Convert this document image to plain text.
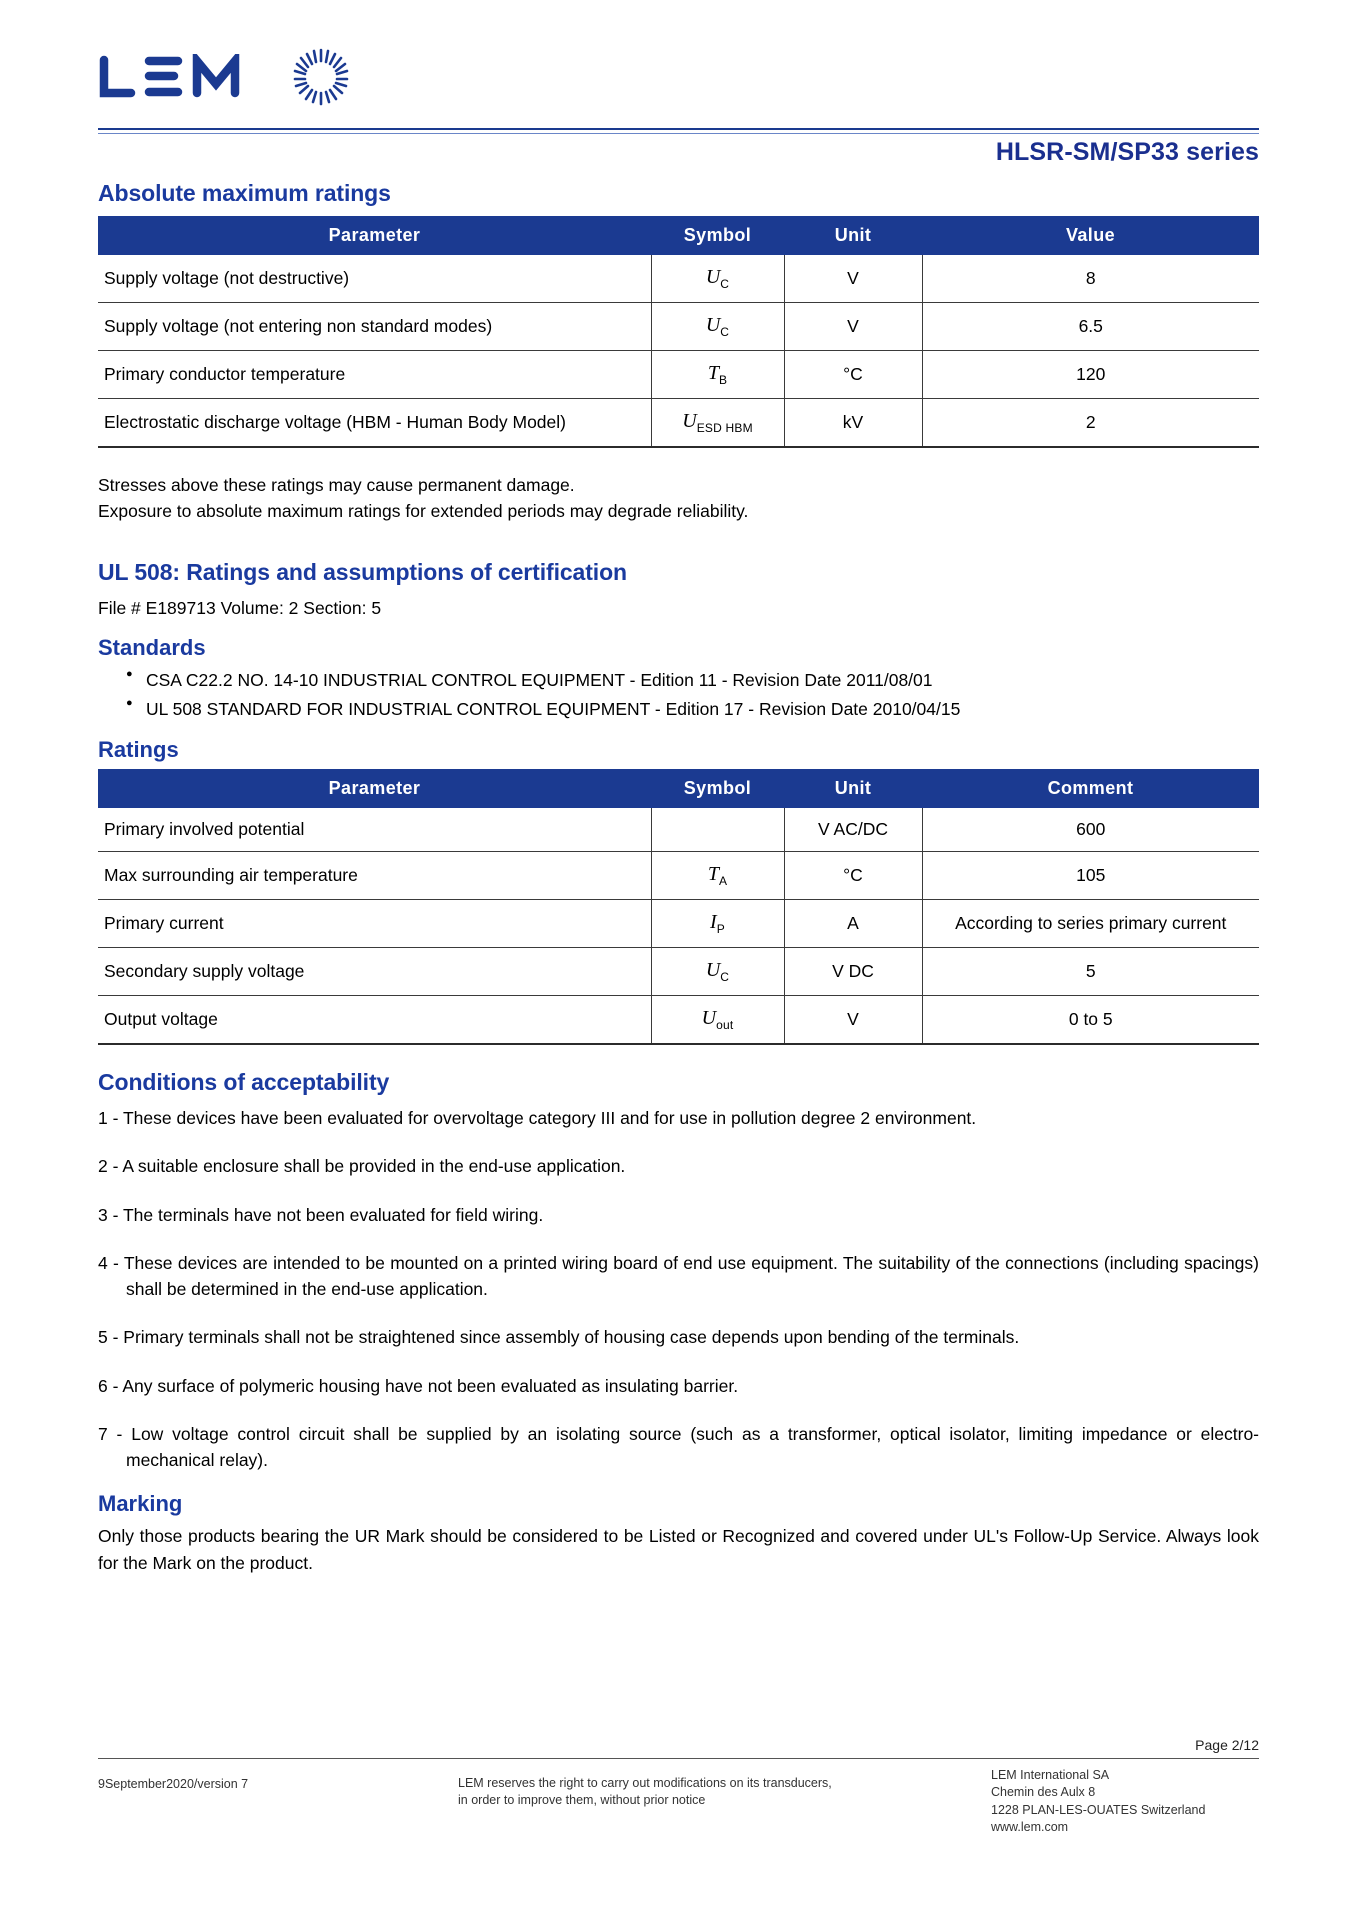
HLSR-SM/SP33 series
Absolute maximum ratings
Parameter	Symbol	Unit	Value
Supply voltage (not destructive)	$U_C$	V	8
Supply voltage (not entering non standard modes)	$U_C$	V	6.5
Primary conductor temperature	$T_B$	°C	120
Electrostatic discharge voltage (HBM - Human Body Model)	$U_{ESD HBM}$	kV	2

Stresses above these ratings may cause permanent damage.

Exposure to absolute maximum ratings for extended periods may degrade reliability.

UL 508: Ratings and assumptions of certification

File # E189713 Volume: 2 Section: 5

Standards
● CSA C22.2 NO. 14-10 INDUSTRIAL CONTROL EQUIPMENT - Edition 11 - Revision Date 2011/08/01
● UL 508 STANDARD FOR INDUSTRIAL CONTROL EQUIPMENT - Edition 17 - Revision Date 2010/04/15
Ratings
Parameter	Symbol	Unit	Comment
Primary involved potential		V AC/DC	600
Max surrounding air temperature	$T_A$	°C	105
Primary current	$I_P$	A	According to series primary current
Secondary supply voltage	$U_C$	V DC	5
Output voltage	$U_{out}$	V	0 to 5
Conditions of acceptability

1 - These devices have been evaluated for overvoltage category III and for use in pollution degree 2 environment.

2 - A suitable enclosure shall be provided in the end-use application.

3 - The terminals have not been evaluated for field wiring.

4 - These devices are intended to be mounted on a printed wiring board of end use equipment. The suitability of the connections (including spacings) shall be determined in the end-use application.

5 - Primary terminals shall not be straightened since assembly of housing case depends upon bending of the terminals.

6 - Any surface of polymeric housing have not been evaluated as insulating barrier.

7 - Low voltage control circuit shall be supplied by an isolating source (such as a transformer, optical isolator, limiting impedance or electro-mechanical relay).

Marking

Only those products bearing the UR Mark should be considered to be Listed or Recognized and covered under UL's Follow-Up Service. Always look for the Mark on the product.

Page 2/12
9September2020/version 7	LEM reserves the right to carry out modifications on its transducers,
in order to improve them, without prior notice
LEM International SA
Chemin des Aulx 8
1228 PLAN-LES-OUATES Switzerland
www.lem.com
